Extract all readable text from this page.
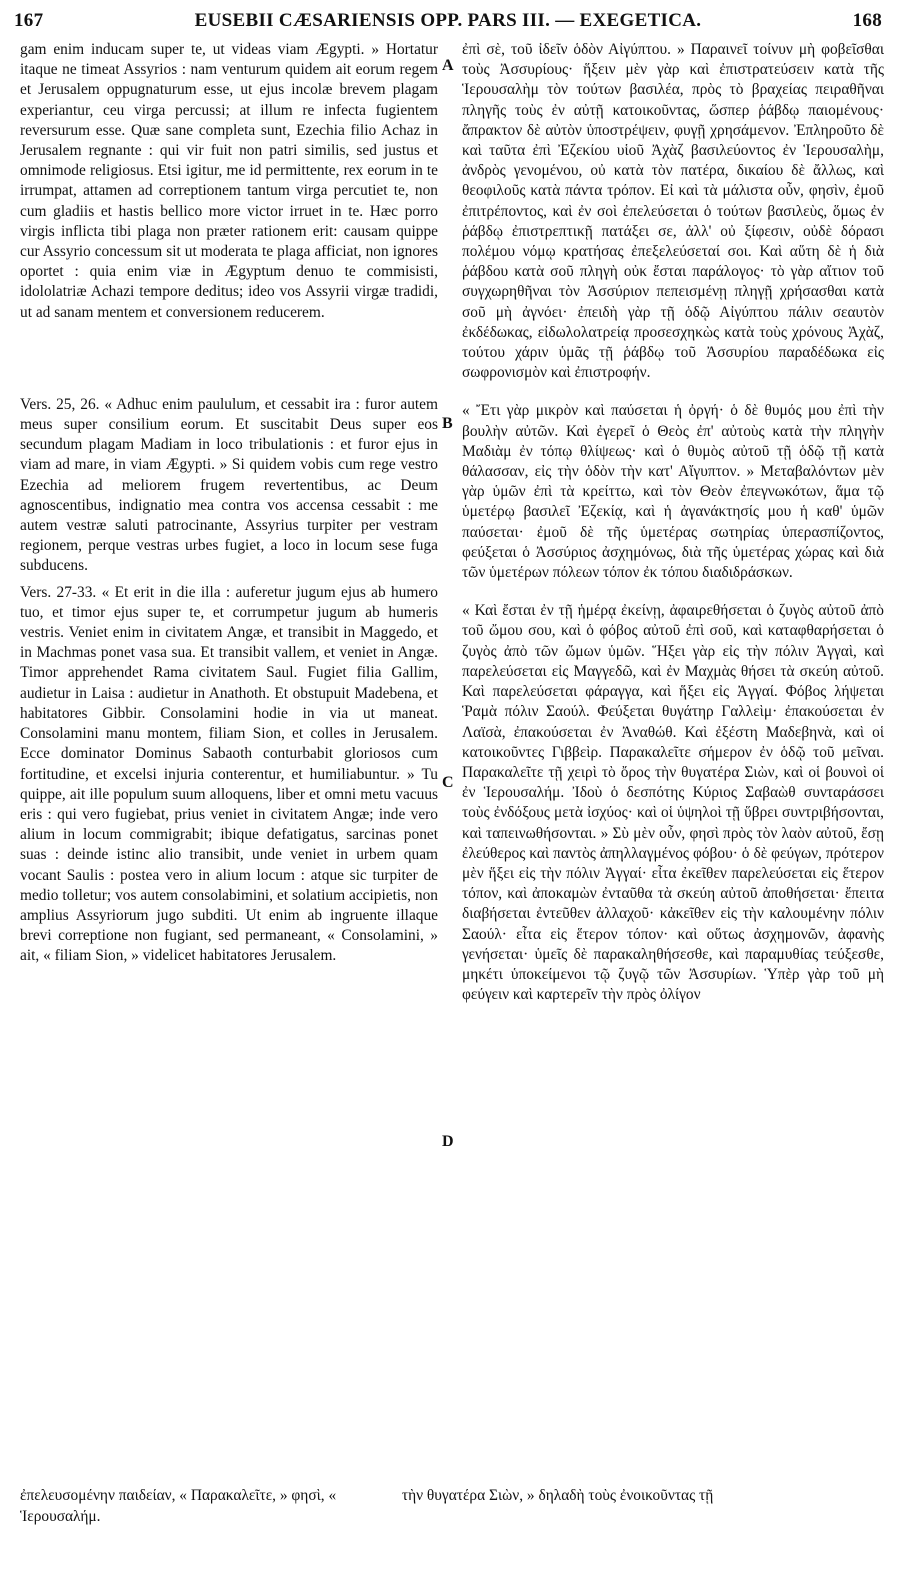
167	EUSEBII CÆSARIENSIS OPP. PARS III. — EXEGETICA.	168

gam enim inducam super te, ut videas viam Ægypti. » Hortatur itaque ne timeat Assyrios : nam venturum quidem ait eorum regem et Jerusalem oppugnaturum esse, ut ejus incolæ brevem plagam experiantur, ceu virga percussi; at illum re infecta fugientem reversurum esse. Quæ sane completa sunt, Ezechia filio Achaz in Jerusalem regnante : qui vir fuit non patri similis, sed justus et omnimode religiosus. Etsi igitur, me id permittente, rex eorum in te irrumpat, attamen ad correptionem tantum virga percutiet te, non cum gladiis et hastis bellico more victor irruet in te. Hæc porro virgis inflicta tibi plaga non præter rationem erit: causam quippe cur Assyrio concessum sit ut moderata te plaga afficiat, non ignores oportet : quia enim viæ in Ægyptum denuo te commisisti, idololatriæ Achazi tempore deditus; ideo vos Assyrii virgæ tradidi, ut ad sanam mentem et conversionem reducerem.

Vers. 25, 26. « Adhuc enim paululum, et cessabit ira : furor autem meus super consilium eorum. Et suscitabit Deus super eos secundum plagam Madiam in loco tribulationis : et furor ejus in viam ad mare, in viam Ægypti. » Si quidem vobis cum rege vestro Ezechia ad meliorem frugem revertentibus, ac Deum agnoscentibus, indignatio mea contra vos accensa cessabit : me autem vestræ saluti patrocinante, Assyrius turpiter per vestram regionem, perque vestras urbes fugiet, a loco in locum sese fuga subducens.

Vers. 27-33. « Et erit in die illa : auferetur jugum ejus ab humero tuo, et timor ejus super te, et corrumpetur jugum ab humeris vestris. Veniet enim in civitatem Angæ, et transibit in Maggedo, et in Machmas ponet vasa sua. Et transibit vallem, et veniet in Angæ. Timor apprehendet Rama civitatem Saul. Fugiet filia Gallim, audietur in Laisa : audietur in Anathoth. Et obstupuit Madebena, et habitatores Gibbir. Consolamini hodie in via ut maneat. Consolamini manu montem, filiam Sion, et colles in Jerusalem. Ecce dominator Dominus Sabaoth conturbabit gloriosos cum fortitudine, et excelsi injuria conterentur, et humiliabuntur. » Tu quippe, ait ille populum suum alloquens, liber et omni metu vacuus eris : qui vero fugiebat, prius veniet in civitatem Angæ; inde vero alium in locum commigrabit; ibique defatigatus, sarcinas ponet suas : deinde istinc alio transibit, unde veniet in urbem quam vocant Saulis : postea vero in alium locum : atque sic turpiter de medio tolletur; vos autem consolabimini, et solatium accipietis, non amplius Assyriorum jugo subditi. Ut enim ab ingruente illaque brevi correptione non fugiant, sed permaneant, « Consolamini, » ait, « filiam Sion, » videlicet habitatores Jerusalem.

A
B
C
D

ἐπὶ σὲ, τοῦ ἰδεῖν ὁδὸν Αἰγύπτου. » Παραινεῖ τοίνυν μὴ φοβεῖσθαι τοὺς Ἀσσυρίους· ἥξειν μὲν γὰρ καὶ ἐπιστρατεύσειν κατὰ τῆς Ἱερουσαλὴμ τὸν τούτων βασιλέα, πρὸς τὸ βραχείας πειραθῆναι πληγῆς τοὺς ἐν αὐτῇ κατοικοῦντας, ὥσπερ ῥάβδῳ παιομένους· ἄπρακτον δὲ αὐτὸν ὑποστρέψειν, φυγῇ χρησάμενον. Ἐπληροῦτο δὲ καὶ ταῦτα ἐπὶ Ἐζεκίου υἱοῦ Ἀχὰζ βασιλεύοντος ἐν Ἱερουσαλὴμ, ἀνδρὸς γενομένου, οὐ κατὰ τὸν πατέρα, δικαίου δὲ ἄλλως, καὶ θεοφιλοῦς κατὰ πάντα τρόπον. Εἰ καὶ τὰ μάλιστα οὖν, φησὶν, ἐμοῦ ἐπιτρέποντος, καὶ ἐν σοὶ ἐπελεύσεται ὁ τούτων βασιλεὺς, ὅμως ἐν ῥάβδῳ ἐπιστρεπτικῇ πατάξει σε, ἀλλ' οὐ ξίφεσιν, οὐδὲ δόρασι πολέμου νόμῳ κρατήσας ἐπεξελεύσεταί σοι. Καὶ αὕτη δὲ ἡ διὰ ῥάβδου κατὰ σοῦ πληγὴ οὐκ ἔσται παράλογος· τὸ γὰρ αἴτιον τοῦ συγχωρηθῆναι τὸν Ἀσσύριον πεπεισμένῃ πληγῇ χρήσασθαι κατὰ σοῦ μὴ ἀγνόει· ἐπειδὴ γὰρ τῇ ὁδῷ Αἰγύπτου πάλιν σεαυτὸν ἐκδέδωκας, εἰδωλολατρείᾳ προσεσχηκὼς κατὰ τοὺς χρόνους Ἀχὰζ, τούτου χάριν ὑμᾶς τῇ ῥάβδῳ τοῦ Ἀσσυρίου παραδέδωκα εἰς σωφρονισμὸν καὶ ἐπιστροφήν.

« Ἔτι γὰρ μικρὸν καὶ παύσεται ἡ ὀργή· ὁ δὲ θυμός μου ἐπὶ τὴν βουλὴν αὐτῶν. Καὶ ἐγερεῖ ὁ Θεὸς ἐπ' αὐτοὺς κατὰ τὴν πληγὴν Μαδιὰμ ἐν τόπῳ θλίψεως· καὶ ὁ θυμὸς αὐτοῦ τῇ ὁδῷ τῇ κατὰ θάλασσαν, εἰς τὴν ὁδὸν τὴν κατ' Αἴγυπτον. » Μεταβαλόντων μὲν γὰρ ὑμῶν ἐπὶ τὰ κρείττω, καὶ τὸν Θεὸν ἐπεγνωκότων, ἅμα τῷ ὑμετέρῳ βασιλεῖ Ἐζεκίᾳ, καὶ ἡ ἀγανάκτησίς μου ἡ καθ' ὑμῶν παύσεται· ἐμοῦ δὲ τῆς ὑμετέρας σωτηρίας ὑπερασπίζοντος, φεύξεται ὁ Ἀσσύριος ἀσχημόνως, διὰ τῆς ὑμετέρας χώρας καὶ διὰ τῶν ὑμετέρων πόλεων τόπον ἐκ τόπου διαδιδράσκων.

« Καὶ ἔσται ἐν τῇ ἡμέρᾳ ἐκείνῃ, ἀφαιρεθήσεται ὁ ζυγὸς αὐτοῦ ἀπὸ τοῦ ὤμου σου, καὶ ὁ φόβος αὐτοῦ ἐπὶ σοῦ, καὶ καταφθαρήσεται ὁ ζυγὸς ἀπὸ τῶν ὤμων ὑμῶν. Ἥξει γὰρ εἰς τὴν πόλιν Ἀγγαὶ, καὶ παρελεύσεται εἰς Μαγγεδῶ, καὶ ἐν Μαχμὰς θήσει τὰ σκεύη αὐτοῦ. Καὶ παρελεύσεται φάραγγα, καὶ ἥξει εἰς Ἀγγαί. Φόβος λήψεται Ῥαμὰ πόλιν Σαούλ. Φεύξεται θυγάτηρ Γαλλεὶμ· ἐπακούσεται ἐν Λαϊσὰ, ἐπακούσεται ἐν Ἀναθώθ. Καὶ ἐξέστη Μαδεβηνὰ, καὶ οἱ κατοικοῦντες Γιββεὶρ. Παρακαλεῖτε σήμερον ἐν ὁδῷ τοῦ μεῖναι. Παρακαλεῖτε τῇ χειρὶ τὸ ὄρος τὴν θυγατέρα Σιὼν, καὶ οἱ βουνοὶ οἱ ἐν Ἱερουσαλήμ. Ἰδοὺ ὁ δεσπότης Κύριος Σαβαὼθ συνταράσσει τοὺς ἐνδόξους μετὰ ἰσχύος· καὶ οἱ ὑψηλοὶ τῇ ὕβρει συντριβήσονται, καὶ ταπεινωθήσονται. » Σὺ μὲν οὖν, φησὶ πρὸς τὸν λαὸν αὐτοῦ, ἔσῃ ἐλεύθερος καὶ παντὸς ἀπηλλαγμένος φόβου· ὁ δὲ φεύγων, πρότερον μὲν ἥξει εἰς τὴν πόλιν Ἀγγαί· εἶτα ἐκεῖθεν παρελεύσεται εἰς ἕτερον τόπον, καὶ ἀποκαμὼν ἐνταῦθα τὰ σκεύη αὐτοῦ ἀποθήσεται· ἔπειτα διαβήσεται ἐντεῦθεν ἀλλαχοῦ· κἀκεῖθεν εἰς τὴν καλουμένην πόλιν Σαούλ· εἶτα εἰς ἕτερον τόπον· καὶ οὕτως ἀσχημονῶν, ἀφανὴς γενήσεται· ὑμεῖς δὲ παρακαληθήσεσθε, καὶ παραμυθίας τεύξεσθε, μηκέτι ὑποκείμενοι τῷ ζυγῷ τῶν Ἀσσυρίων. Ὑπὲρ γὰρ τοῦ μὴ φεύγειν καὶ καρτερεῖν τὴν πρὸς ὀλίγον

ἐπελευσομένην παιδείαν, « Παρακαλεῖτε, » φησὶ, «	τὴν θυγατέρα Σιὼν, » δηλαδὴ τοὺς ἐνοικοῦντας τῇ
Ἱερουσαλήμ.
